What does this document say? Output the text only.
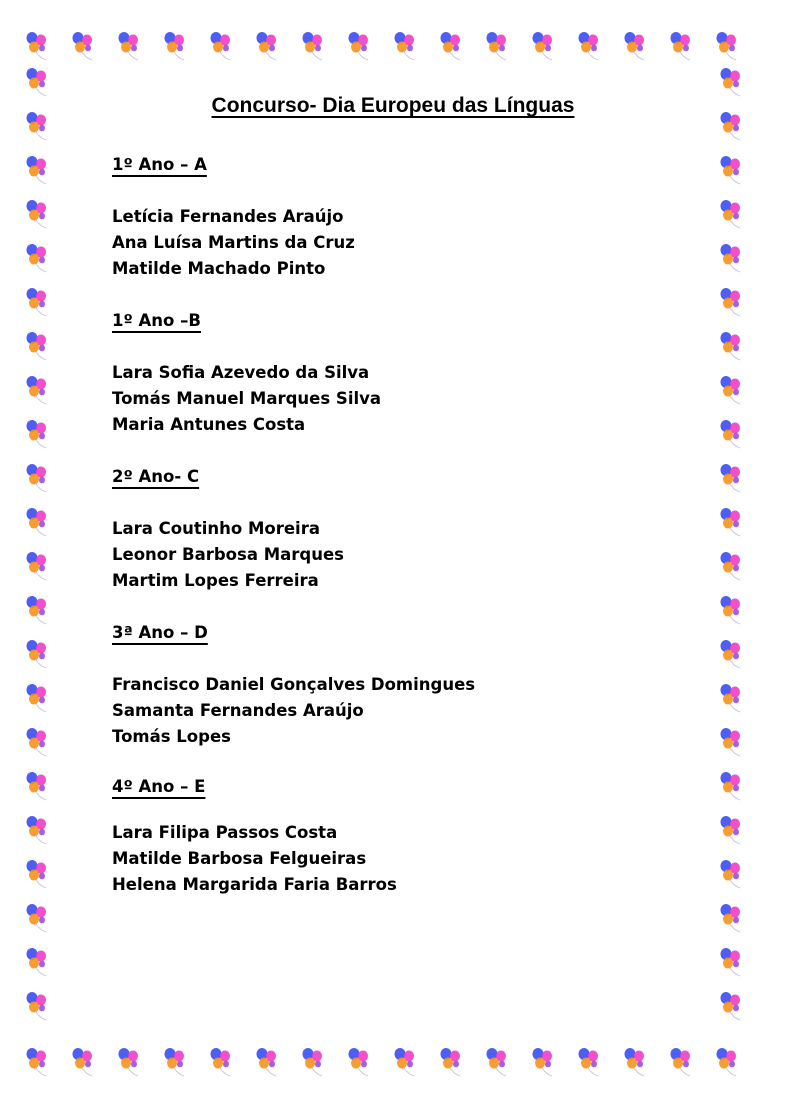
Concurso- Dia Europeu das Línguas
1º Ano – A
Letícia Fernandes Araújo
Ana Luísa Martins da Cruz
Matilde Machado Pinto
1º Ano –B
Lara Sofia Azevedo da Silva
Tomás Manuel Marques Silva
Maria Antunes Costa
2º Ano- C
Lara Coutinho Moreira
Leonor Barbosa Marques
Martim Lopes Ferreira
3ª Ano – D
Francisco Daniel Gonçalves Domingues
Samanta Fernandes Araújo
Tomás Lopes
4º Ano – E
Lara Filipa Passos Costa
Matilde Barbosa Felgueiras
Helena Margarida Faria Barros
